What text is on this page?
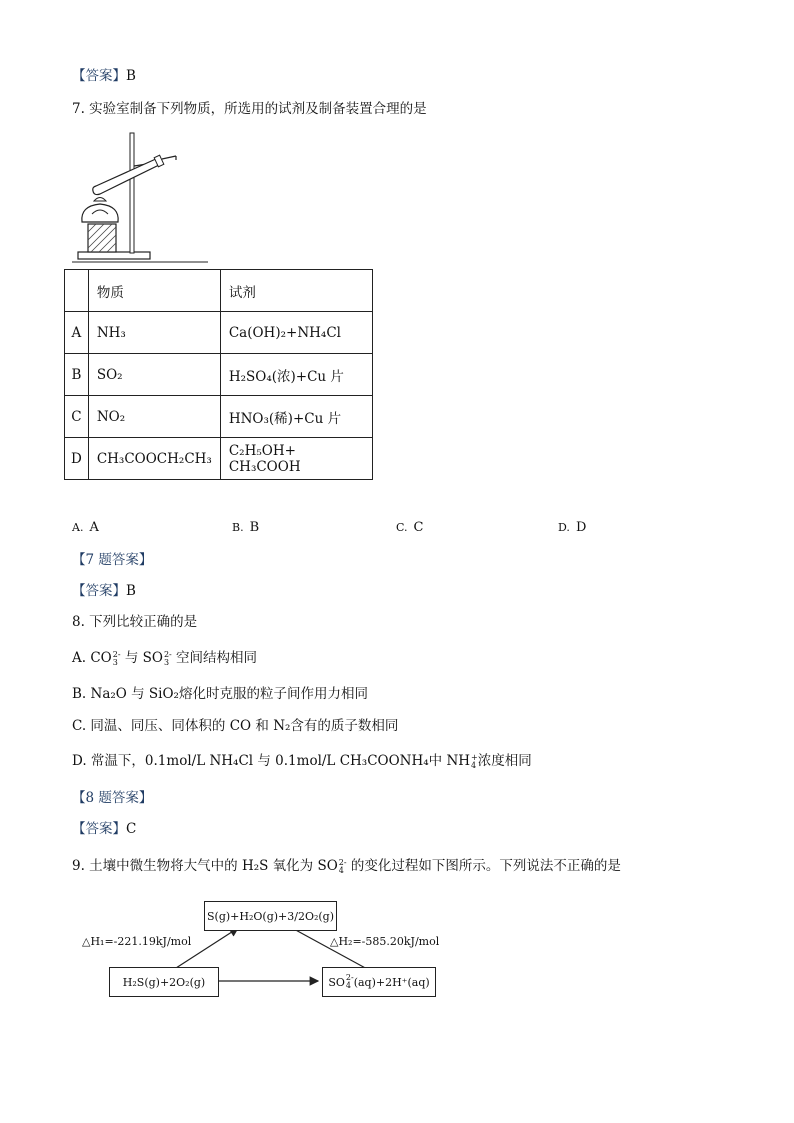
【答案】B
7. 实验室制备下列物质，所选用的试剂及制备装置合理的是
	物质	试剂
A	NH₃	Ca(OH)₂+NH₄Cl
B	SO₂	H₂SO₄(浓)+Cu 片
C	NO₂	HNO₃(稀)+Cu 片
D	CH₃COOCH₂CH₃	C₂H₅OH+ CH₃COOH
A. A	B. B	C. C	D. D
【7 题答案】
【答案】B
8. 下列比较正确的是
A. CO 2-
3 与 SO 2-
3 空间结构相同
B. Na₂O 与 SiO₂熔化时克服的粒子间作用力相同
C. 同温、同压、同体积的 CO 和 N₂含有的质子数相同
D. 常温下，0.1mol/L NH₄Cl 与 0.1mol/L CH₃COONH₄中 NH +
4 浓度相同
【8 题答案】
【答案】C
9. 土壤中微生物将大气中的 H₂S 氧化为 SO 2-
4 的变化过程如下图所示。下列说法不正确的是
S(g)+H₂O(g)+3/2O₂(g)
H₂S(g)+2O₂(g)	SO 2-
4 (aq)+2H⁺(aq)
△H₁=-221.19kJ/mol	△H₂=-585.20kJ/mol
